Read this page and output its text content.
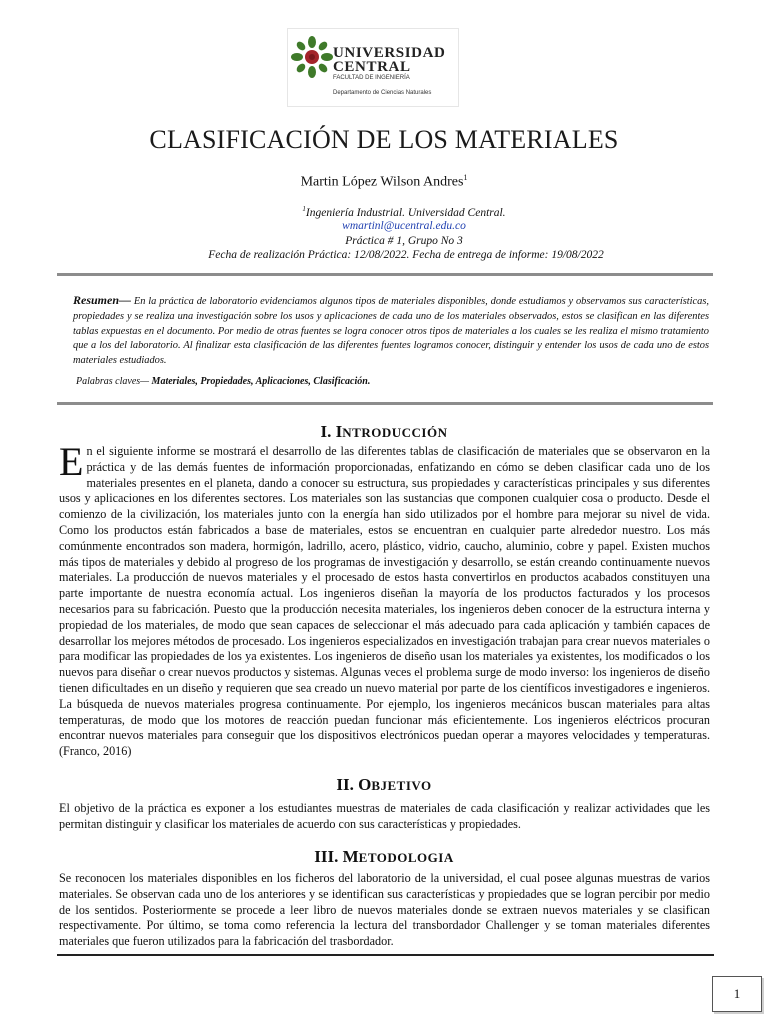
UNIVERSIDAD
CENTRAL
FACULTAD DE INGENIERÍA
Departamento de Ciencias Naturales
CLASIFICACIÓN DE LOS MATERIALES
Martin López Wilson Andres$^1$
$^1$Ingeniería Industrial. Universidad Central.
wmartinl@ucentral.edu.co
Práctica # 1, Grupo No 3
Fecha de realización Práctica: 12/08/2022. Fecha de entrega de informe: 19/08/2022

Resumen— En la práctica de laboratorio evidenciamos algunos tipos de materiales disponibles, donde estudiamos y observamos sus características, propiedades y se realiza una investigación sobre los usos y aplicaciones de cada uno de los materiales observados, estos se clasifican en las diferentes tablas expuestas en el documento. Por medio de otras fuentes se logra conocer otros tipos de materiales a los cuales se les realiza el mismo tratamiento que a los del laboratorio. Al finalizar esta clasificación de las diferentes fuentes logramos conocer, distinguir y entender los usos de cada uno de estos materiales estudiados.

Palabras claves— Materiales, Propiedades, Aplicaciones, Clasificación.
I. INTRODUCCIÓN

En el siguiente informe se mostrará el desarrollo de las diferentes tablas de clasificación de materiales que se observaron en la práctica y de las demás fuentes de información proporcionadas, enfatizando en cómo se deben clasificar cada uno de los materiales presentes en el planeta, dando a conocer su estructura, sus propiedades y características principales y sus diferentes usos y aplicaciones en los diferentes sectores. Los materiales son las sustancias que componen cualquier cosa o producto. Desde el comienzo de la civilización, los materiales junto con la energía han sido utilizados por el hombre para mejorar su nivel de vida. Como los productos están fabricados a base de materiales, estos se encuentran en cualquier parte alrededor nuestro. Los más comúnmente encontrados son madera, hormigón, ladrillo, acero, plástico, vidrio, caucho, aluminio, cobre y papel. Existen muchos más tipos de materiales y debido al progreso de los programas de investigación y desarrollo, se están creando continuamente nuevos materiales. La producción de nuevos materiales y el procesado de estos hasta convertirlos en productos acabados constituyen una parte importante de nuestra economía actual. Los ingenieros diseñan la mayoría de los productos facturados y los procesos necesarios para su fabricación. Puesto que la producción necesita materiales, los ingenieros deben conocer de la estructura interna y propiedad de los materiales, de modo que sean capaces de seleccionar el más adecuado para cada aplicación y también capaces de desarrollar los mejores métodos de procesado. Los ingenieros especializados en investigación trabajan para crear nuevos materiales o para modificar las propiedades de los ya existentes. Los ingenieros de diseño usan los materiales ya existentes, los modificados o los nuevos para diseñar o crear nuevos productos y sistemas. Algunas veces el problema surge de modo inverso: los ingenieros de diseño tienen dificultades en un diseño y requieren que sea creado un nuevo material por parte de los científicos investigadores e ingenieros. La búsqueda de nuevos materiales progresa continuamente. Por ejemplo, los ingenieros mecánicos buscan materiales para altas temperaturas, de modo que los motores de reacción puedan funcionar más eficientemente. Los ingenieros eléctricos procuran encontrar nuevos materiales para conseguir que los dispositivos electrónicos puedan operar a mayores velocidades y temperaturas. (Franco, 2016)

II. OBJETIVO

El objetivo de la práctica es exponer a los estudiantes muestras de materiales de cada clasificación y realizar actividades que les permitan distinguir y clasificar los materiales de acuerdo con sus características y propiedades.

III. METODOLOGIA

Se reconocen los materiales disponibles en los ficheros del laboratorio de la universidad, el cual posee algunas muestras de varios materiales. Se observan cada uno de los anteriores y se identifican sus características y propiedades que se logran percibir por medio de los sentidos. Posteriormente se procede a leer libro de nuevos materiales donde se extraen nuevos materiales y se clasifican respectivamente. Por último, se toma como referencia la lectura del transbordador Challenger y se toman materiales diferentes materiales que fueron utilizados para la fabricación del trasbordador.

1
